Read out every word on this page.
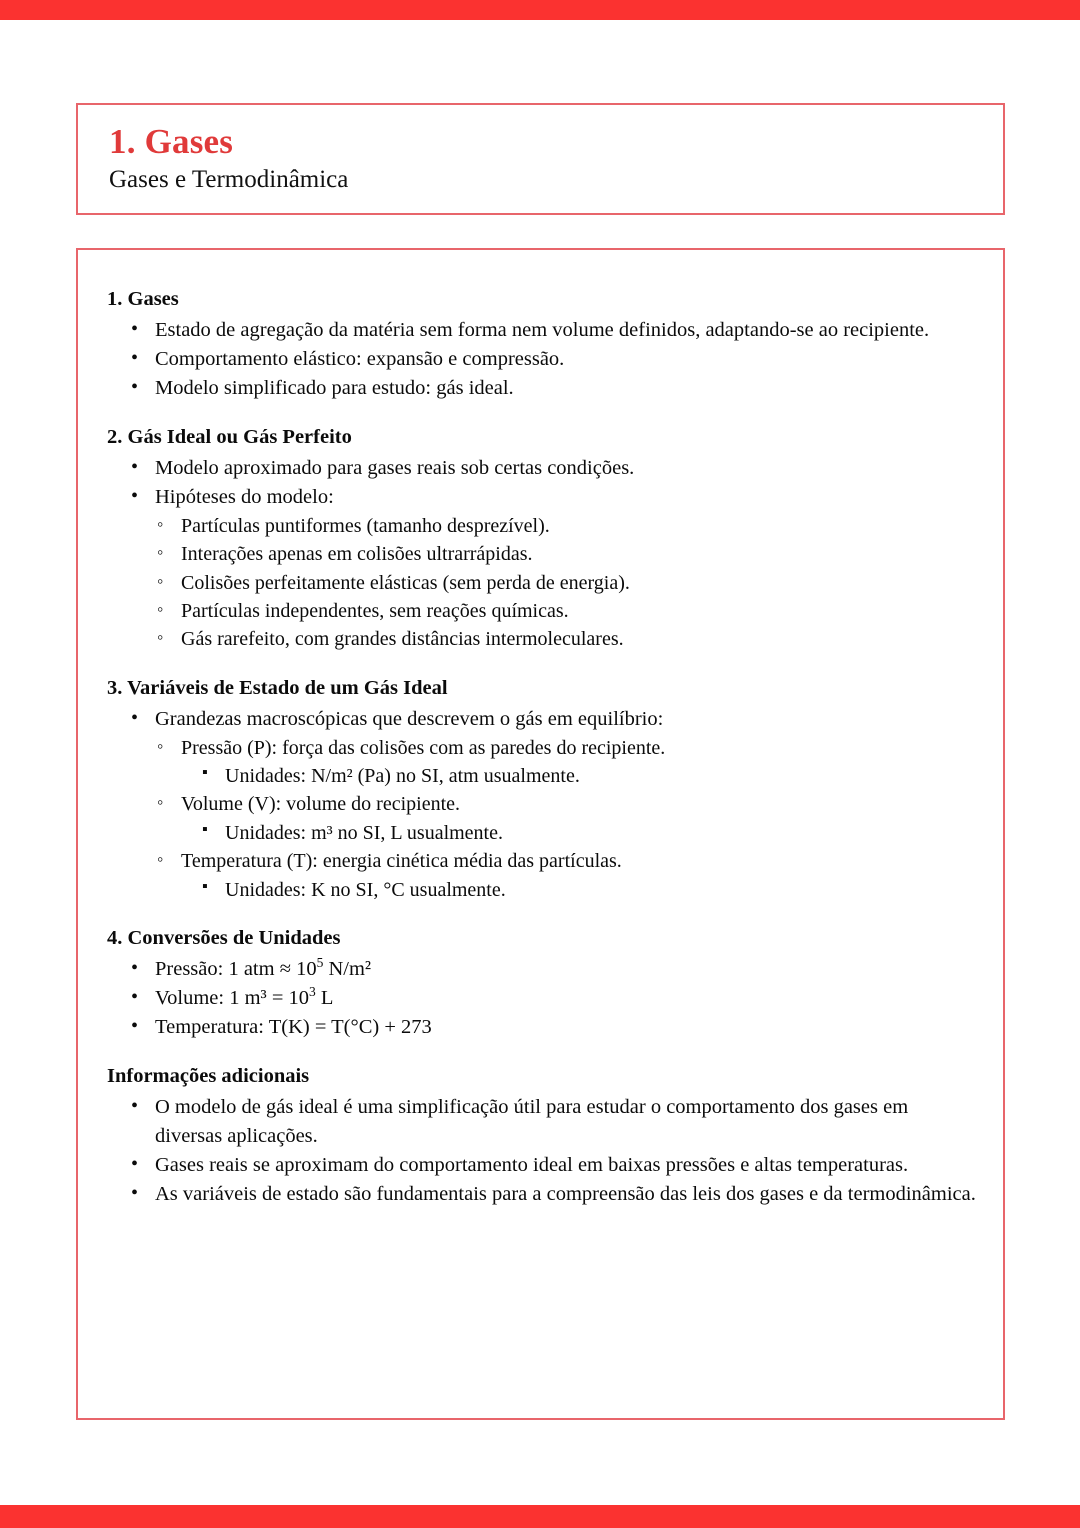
1. Gases
Gases e Termodinâmica
1. Gases
• Estado de agregação da matéria sem forma nem volume definidos, adaptando-se ao recipiente.
• Comportamento elástico: expansão e compressão.
• Modelo simplificado para estudo: gás ideal.
2. Gás Ideal ou Gás Perfeito
• Modelo aproximado para gases reais sob certas condições.
• Hipóteses do modelo:
◦ Partículas puntiformes (tamanho desprezível).
◦ Interações apenas em colisões ultrarrápidas.
◦ Colisões perfeitamente elásticas (sem perda de energia).
◦ Partículas independentes, sem reações químicas.
◦ Gás rarefeito, com grandes distâncias intermoleculares.
3. Variáveis de Estado de um Gás Ideal
• Grandezas macroscópicas que descrevem o gás em equilíbrio:
◦ Pressão (P): força das colisões com as paredes do recipiente.
▪ Unidades: N/m² (Pa) no SI, atm usualmente.
◦ Volume (V): volume do recipiente.
▪ Unidades: m³ no SI, L usualmente.
◦ Temperatura (T): energia cinética média das partículas.
▪ Unidades: K no SI, °C usualmente.
4. Conversões de Unidades
• Pressão: 1 atm ≈ $10^5$ N/m²
• Volume: 1 $m^3 = 10^3$ L
• Temperatura: T(K) = T(°C) + 273
Informações adicionais
• O modelo de gás ideal é uma simplificação útil para estudar o comportamento dos gases em diversas aplicações.
• Gases reais se aproximam do comportamento ideal em baixas pressões e altas temperaturas.
• As variáveis de estado são fundamentais para a compreensão das leis dos gases e da termodinâmica.
